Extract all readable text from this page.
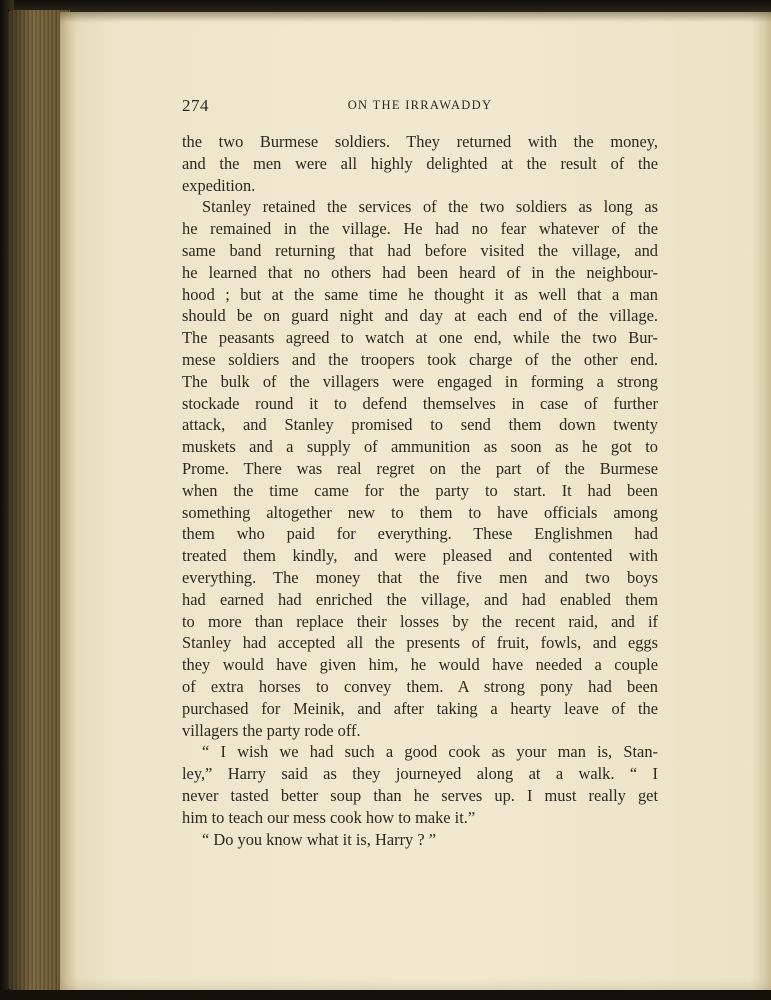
274	ON THE IRRAWADDY
the two Burmese soldiers. They returned with the money,
and the men were all highly delighted at the result of the
expedition.
Stanley retained the services of the two soldiers as long as
he remained in the village. He had no fear whatever of the
same band returning that had before visited the village, and
he learned that no others had been heard of in the neighbour-
hood ; but at the same time he thought it as well that a man
should be on guard night and day at each end of the village.
The peasants agreed to watch at one end, while the two Bur-
mese soldiers and the troopers took charge of the other end.
The bulk of the villagers were engaged in forming a strong
stockade round it to defend themselves in case of further
attack, and Stanley promised to send them down twenty
muskets and a supply of ammunition as soon as he got to
Prome. There was real regret on the part of the Burmese
when the time came for the party to start. It had been
something altogether new to them to have officials among
them who paid for everything. These Englishmen had
treated them kindly, and were pleased and contented with
everything. The money that the five men and two boys
had earned had enriched the village, and had enabled them
to more than replace their losses by the recent raid, and if
Stanley had accepted all the presents of fruit, fowls, and eggs
they would have given him, he would have needed a couple
of extra horses to convey them. A strong pony had been
purchased for Meinik, and after taking a hearty leave of the
villagers the party rode off.
“ I wish we had such a good cook as your man is, Stan-
ley,” Harry said as they journeyed along at a walk. “ I
never tasted better soup than he serves up. I must really get
him to teach our mess cook how to make it.”
“ Do you know what it is, Harry ? ”
